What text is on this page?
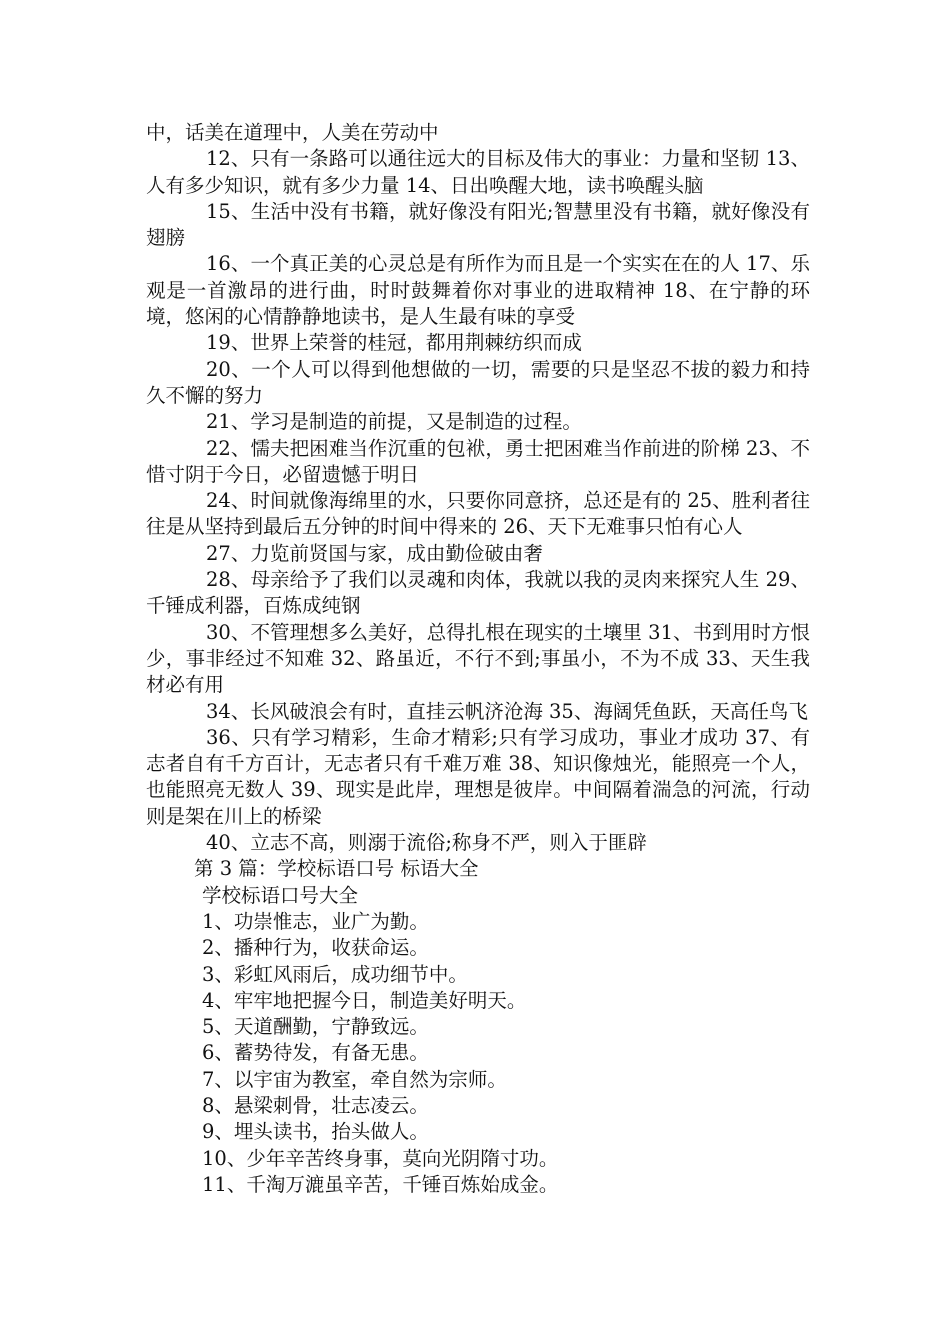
中，话美在道理中，人美在劳动中

12、只有一条路可以通往远大的目标及伟大的事业：力量和坚韧 13、人有多少知识，就有多少力量 14、日出唤醒大地，读书唤醒头脑

15、生活中没有书籍，就好像没有阳光;智慧里没有书籍，就好像没有翅膀

16、一个真正美的心灵总是有所作为而且是一个实实在在的人 17、乐观是一首激昂的进行曲，时时鼓舞着你对事业的进取精神 18、在宁静的环境，悠闲的心情静静地读书，是人生最有味的享受

19、世界上荣誉的桂冠，都用荆棘纺织而成

20、一个人可以得到他想做的一切，需要的只是坚忍不拔的毅力和持久不懈的努力

21、学习是制造的前提，又是制造的过程。

22、懦夫把困难当作沉重的包袱，勇士把困难当作前进的阶梯 23、不惜寸阴于今日，必留遗憾于明日

24、时间就像海绵里的水，只要你同意挤，总还是有的 25、胜利者往往是从坚持到最后五分钟的时间中得来的 26、天下无难事只怕有心人

27、力览前贤国与家，成由勤俭破由奢

28、母亲给予了我们以灵魂和肉体，我就以我的灵肉来探究人生 29、千锤成利器，百炼成纯钢

30、不管理想多么美好，总得扎根在现实的土壤里 31、书到用时方恨少，事非经过不知难 32、路虽近，不行不到;事虽小，不为不成 33、天生我材必有用

34、长风破浪会有时，直挂云帆济沧海 35、海阔凭鱼跃，天高任鸟飞

36、只有学习精彩，生命才精彩;只有学习成功，事业才成功 37、有志者自有千方百计，无志者只有千难万难 38、知识像烛光，能照亮一个人，也能照亮无数人 39、现实是此岸，理想是彼岸。中间隔着湍急的河流，行动则是架在川上的桥梁

40、立志不高，则溺于流俗;称身不严，则入于匪辟

第 3 篇：学校标语口号 标语大全

学校标语口号大全

1、功崇惟志，业广为勤。

2、播种行为，收获命运。

3、彩虹风雨后，成功细节中。

4、牢牢地把握今日，制造美好明天。

5、天道酬勤，宁静致远。

6、蓄势待发，有备无患。

7、以宇宙为教室，牵自然为宗师。

8、悬梁刺骨，壮志凌云。

9、埋头读书，抬头做人。

10、少年辛苦终身事，莫向光阴隋寸功。

11、千淘万漉虽辛苦，千锤百炼始成金。
